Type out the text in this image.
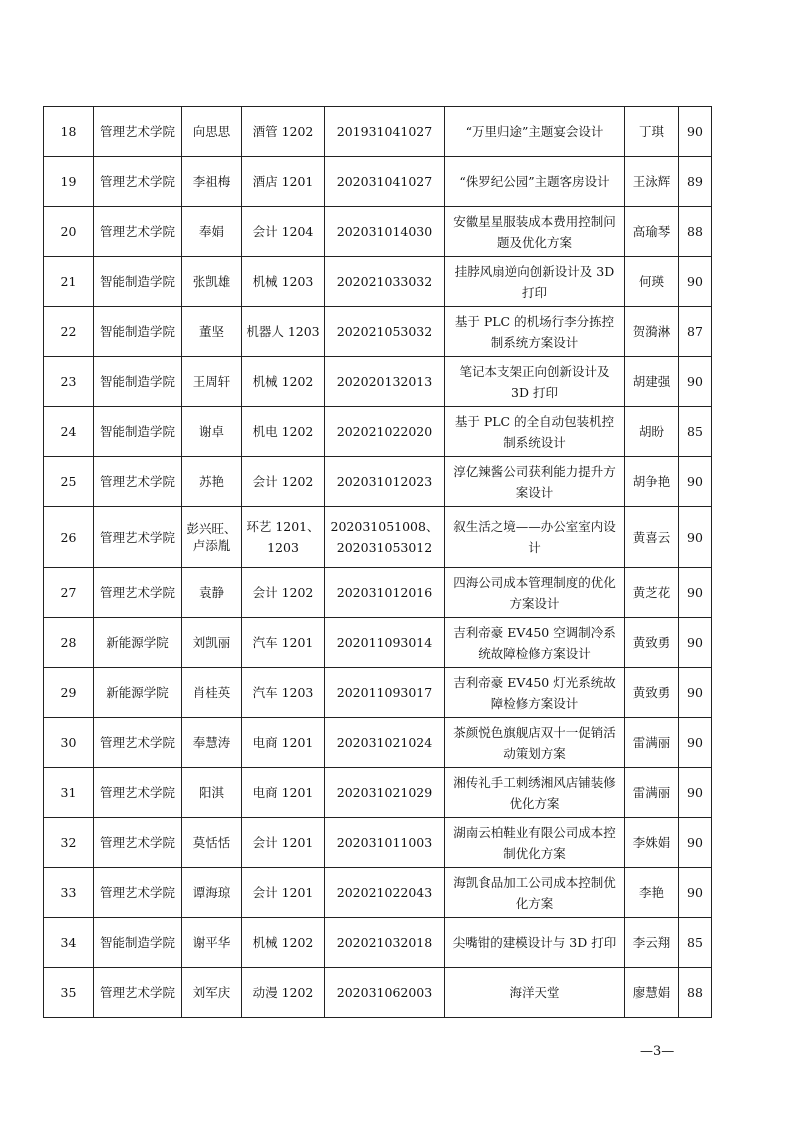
18	管理艺术学院	向思思	酒管 1202	201931041027	“万里归途”主题宴会设计	丁琪	90
19	管理艺术学院	李祖梅	酒店 1201	202031041027	“侏罗纪公园”主题客房设计	王泳辉	89
20	管理艺术学院	奉娟	会计 1204	202031014030	安徽星星服装成本费用控制问题及优化方案	高瑜琴	88
21	智能制造学院	张凯雄	机械 1203	202021033032	挂脖风扇逆向创新设计及 3D 打印	何瑛	90
22	智能制造学院	董坚	机器人 1203	202021053032	基于 PLC 的机场行李分拣控制系统方案设计	贺漪淋	87
23	智能制造学院	王周轩	机械 1202	202020132013	笔记本支架正向创新设计及 3D 打印	胡建强	90
24	智能制造学院	谢卓	机电 1202	202021022020	基于 PLC 的全自动包装机控制系统设计	胡盼	85
25	管理艺术学院	苏艳	会计 1202	202031012023	淳亿辣酱公司获利能力提升方案设计	胡争艳	90
26	管理艺术学院	彭兴旺、卢添胤	环艺 1201、1203	202031051008、202031053012	叙生活之境——办公室室内设计	黄喜云	90
27	管理艺术学院	袁静	会计 1202	202031012016	四海公司成本管理制度的优化方案设计	黄芝花	90
28	新能源学院	刘凯丽	汽车 1201	202011093014	吉利帝豪 EV450 空调制冷系统故障检修方案设计	黄致勇	90
29	新能源学院	肖桂英	汽车 1203	202011093017	吉利帝豪 EV450 灯光系统故障检修方案设计	黄致勇	90
30	管理艺术学院	奉慧涛	电商 1201	202031021024	茶颜悦色旗舰店双十一促销活动策划方案	雷满丽	90
31	管理艺术学院	阳淇	电商 1201	202031021029	湘传礼手工刺绣湘风店铺装修优化方案	雷满丽	90
32	管理艺术学院	莫恬恬	会计 1201	202031011003	湖南云柏鞋业有限公司成本控制优化方案	李姝娟	90
33	管理艺术学院	谭海琼	会计 1201	202021022043	海凯食品加工公司成本控制优化方案	李艳	90
34	智能制造学院	谢平华	机械 1202	202021032018	尖嘴钳的建模设计与 3D 打印	李云翔	85
35	管理艺术学院	刘军庆	动漫 1202	202031062003	海洋天堂	廖慧娟	88
—3—
